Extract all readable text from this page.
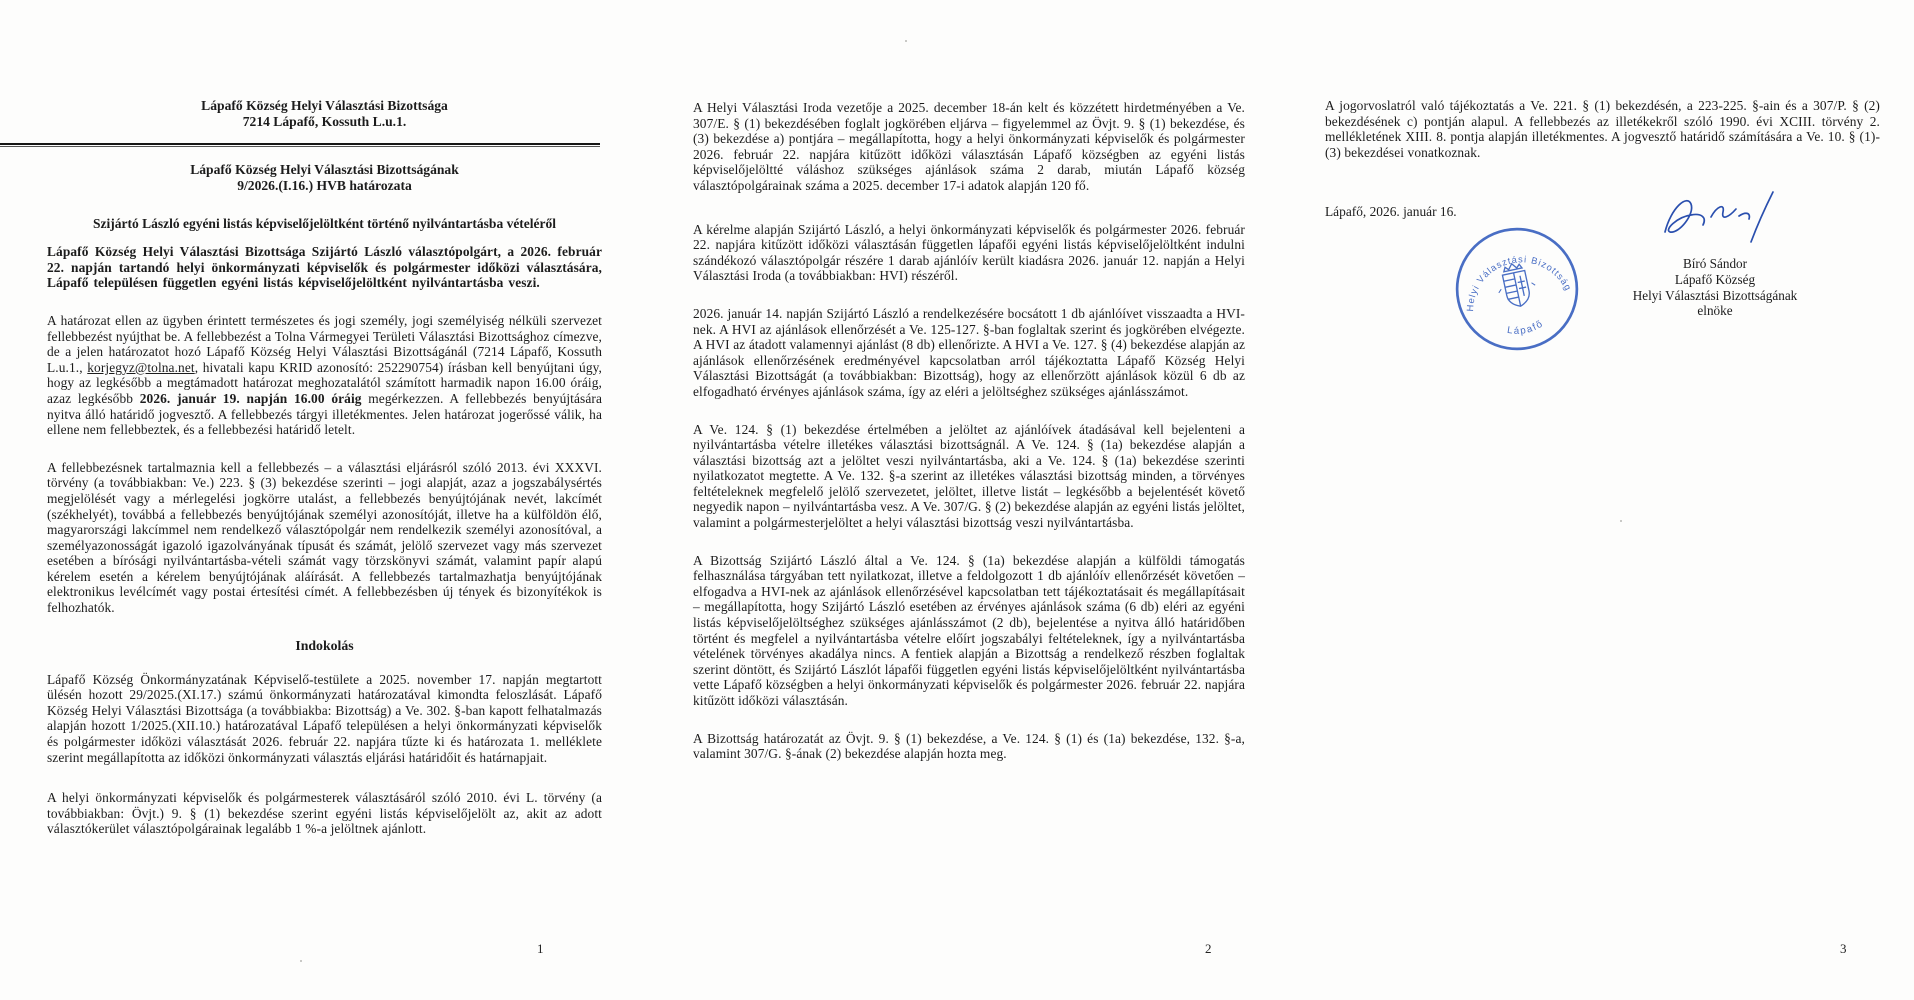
Lápafő Község Helyi Választási Bizottsága
7214 Lápafő, Kossuth L.u.1.
Lápafő Község Helyi Választási Bizottságának
9/2026.(I.16.) HVB határozata
Szijártó László egyéni listás képviselőjelöltként történő nyilvántartásba vételéről

Lápafő Község Helyi Választási Bizottsága Szijártó László választópolgárt, a 2026. február 22. napján tartandó helyi önkormányzati képviselők és polgármester időközi választására, Lápafő településen független egyéni listás képviselőjelöltként nyilvántartásba veszi.

A határozat ellen az ügyben érintett természetes és jogi személy, jogi személyiség nélküli szervezet fellebbezést nyújthat be. A fellebbezést a Tolna Vármegyei Területi Választási Bizottsághoz címezve, de a jelen határozatot hozó Lápafő Község Helyi Választási Bizottságánál (7214 Lápafő, Kossuth L.u.1., korjegyz@tolna.net, hivatali kapu KRID azonosító: 252290754) írásban kell benyújtani úgy, hogy az legkésőbb a megtámadott határozat meghozatalától számított harmadik napon 16.00 óráig, azaz legkésőbb 2026. január 19. napján 16.00 óráig megérkezzen. A fellebbezés benyújtására nyitva álló határidő jogvesztő. A fellebbezés tárgyi illetékmentes. Jelen határozat jogerőssé válik, ha ellene nem fellebbeztek, és a fellebbezési határidő letelt.

A fellebbezésnek tartalmaznia kell a fellebbezés – a választási eljárásról szóló 2013. évi XXXVI. törvény (a továbbiakban: Ve.) 223. § (3) bekezdése szerinti – jogi alapját, azaz a jogszabálysértés megjelölését vagy a mérlegelési jogkörre utalást, a fellebbezés benyújtójának nevét, lakcímét (székhelyét), továbbá a fellebbezés benyújtójának személyi azonosítóját, illetve ha a külföldön élő, magyarországi lakcímmel nem rendelkező választópolgár nem rendelkezik személyi azonosítóval, a személyazonosságát igazoló igazolványának típusát és számát, jelölő szervezet vagy más szervezet esetében a bírósági nyilvántartásba-vételi számát vagy törzskönyvi számát, valamint papír alapú kérelem esetén a kérelem benyújtójának aláírását. A fellebbezés tartalmazhatja benyújtójának elektronikus levélcímét vagy postai értesítési címét. A fellebbezésben új tények és bizonyítékok is felhozhatók.

Indokolás

Lápafő Község Önkormányzatának Képviselő-testülete a 2025. november 17. napján megtartott ülésén hozott 29/2025.(XI.17.) számú önkormányzati határozatával kimondta feloszlását. Lápafő Község Helyi Választási Bizottsága (a továbbiakba: Bizottság) a Ve. 302. §-ban kapott felhatalmazás alapján hozott 1/2025.(XII.10.) határozatával Lápafő településen a helyi önkormányzati képviselők és polgármester időközi választását 2026. február 22. napjára tűzte ki és határozata 1. melléklete szerint megállapította az időközi önkormányzati választás eljárási határidőit és határnapjait.

A helyi önkormányzati képviselők és polgármesterek választásáról szóló 2010. évi L. törvény (a továbbiakban: Övjt.) 9. § (1) bekezdése szerint egyéni listás képviselőjelölt az, akit az adott választókerület választópolgárainak legalább 1 %-a jelöltnek ajánlott.

1

A Helyi Választási Iroda vezetője a 2025. december 18-án kelt és közzétett hirdetményében a Ve. 307/E. § (1) bekezdésében foglalt jogkörében eljárva – figyelemmel az Övjt. 9. § (1) bekezdése, és (3) bekezdése a) pontjára – megállapította, hogy a helyi önkormányzati képviselők és polgármester 2026. február 22. napjára kitűzött időközi választásán Lápafő községben az egyéni listás képviselőjelöltté váláshoz szükséges ajánlások száma 2 darab, miután Lápafő község választópolgárainak száma a 2025. december 17-i adatok alapján 120 fő.

A kérelme alapján Szijártó László, a helyi önkormányzati képviselők és polgármester 2026. február 22. napjára kitűzött időközi választásán független lápafői egyéni listás képviselőjelöltként indulni szándékozó választópolgár részére 1 darab ajánlóív került kiadásra 2026. január 12. napján a Helyi Választási Iroda (a továbbiakban: HVI) részéről.

2026. január 14. napján Szijártó László a rendelkezésére bocsátott 1 db ajánlóívet visszaadta a HVI-nek. A HVI az ajánlások ellenőrzését a Ve. 125-127. §-ban foglaltak szerint és jogkörében elvégezte. A HVI az átadott valamennyi ajánlást (8 db) ellenőrizte. A HVI a Ve. 127. § (4) bekezdése alapján az ajánlások ellenőrzésének eredményével kapcsolatban arról tájékoztatta Lápafő Község Helyi Választási Bizottságát (a továbbiakban: Bizottság), hogy az ellenőrzött ajánlások közül 6 db az elfogadható érvényes ajánlások száma, így az eléri a jelöltséghez szükséges ajánlásszámot.

A Ve. 124. § (1) bekezdése értelmében a jelöltet az ajánlóívek átadásával kell bejelenteni a nyilvántartásba vételre illetékes választási bizottságnál. A Ve. 124. § (1a) bekezdése alapján a választási bizottság azt a jelöltet veszi nyilvántartásba, aki a Ve. 124. § (1a) bekezdése szerinti nyilatkozatot megtette. A Ve. 132. §-a szerint az illetékes választási bizottság minden, a törvényes feltételeknek megfelelő jelölő szervezetet, jelöltet, illetve listát – legkésőbb a bejelentését követő negyedik napon – nyilvántartásba vesz. A Ve. 307/G. § (2) bekezdése alapján az egyéni listás jelöltet, valamint a polgármesterjelöltet a helyi választási bizottság veszi nyilvántartásba.

A Bizottság Szijártó László által a Ve. 124. § (1a) bekezdése alapján a külföldi támogatás felhasználása tárgyában tett nyilatkozat, illetve a feldolgozott 1 db ajánlóív ellenőrzését követően – elfogadva a HVI-nek az ajánlások ellenőrzésével kapcsolatban tett tájékoztatásait és megállapításait – megállapította, hogy Szijártó László esetében az érvényes ajánlások száma (6 db) eléri az egyéni listás képviselőjelöltséghez szükséges ajánlásszámot (2 db), bejelentése a nyitva álló határidőben történt és megfelel a nyilvántartásba vételre előírt jogszabályi feltételeknek, így a nyilvántartásba vételének törvényes akadálya nincs. A fentiek alapján a Bizottság a rendelkező részben foglaltak szerint döntött, és Szijártó Lászlót lápafői független egyéni listás képviselőjelöltként nyilvántartásba vette Lápafő községben a helyi önkormányzati képviselők és polgármester 2026. február 22. napjára kitűzött időközi választásán.

A Bizottság határozatát az Övjt. 9. § (1) bekezdése, a Ve. 124. § (1) és (1a) bekezdése, 132. §-a, valamint 307/G. §-ának (2) bekezdése alapján hozta meg.

2

A jogorvoslatról való tájékoztatás a Ve. 221. § (1) bekezdésén, a 223-225. §-ain és a 307/P. § (2) bekezdésének c) pontján alapul. A fellebbezés az illetékekről szóló 1990. évi XCIII. törvény 2. mellékletének XIII. 8. pontja alapján illetékmentes. A jogvesztő határidő számítására a Ve. 10. § (1)-(3) bekezdései vonatkoznak.

Lápafő, 2026. január 16.
Helyi Választási Bizottság
Lápafő
Bíró Sándor
Lápafő Község
Helyi Választási Bizottságának
elnöke
3
